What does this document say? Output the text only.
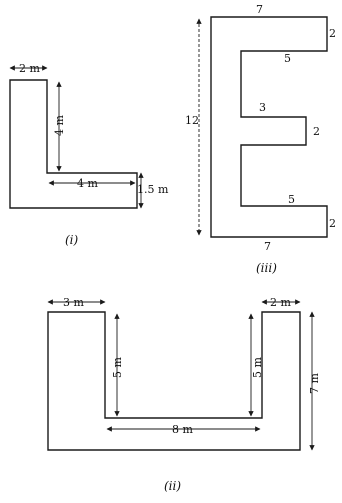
2 m
4 m
4 m	1.5 m
(i)
7
2
5
3
2
5
2
7
12
(iii)
3 m	2 m
5 m	5 m
7 m
8 m
(ii)
